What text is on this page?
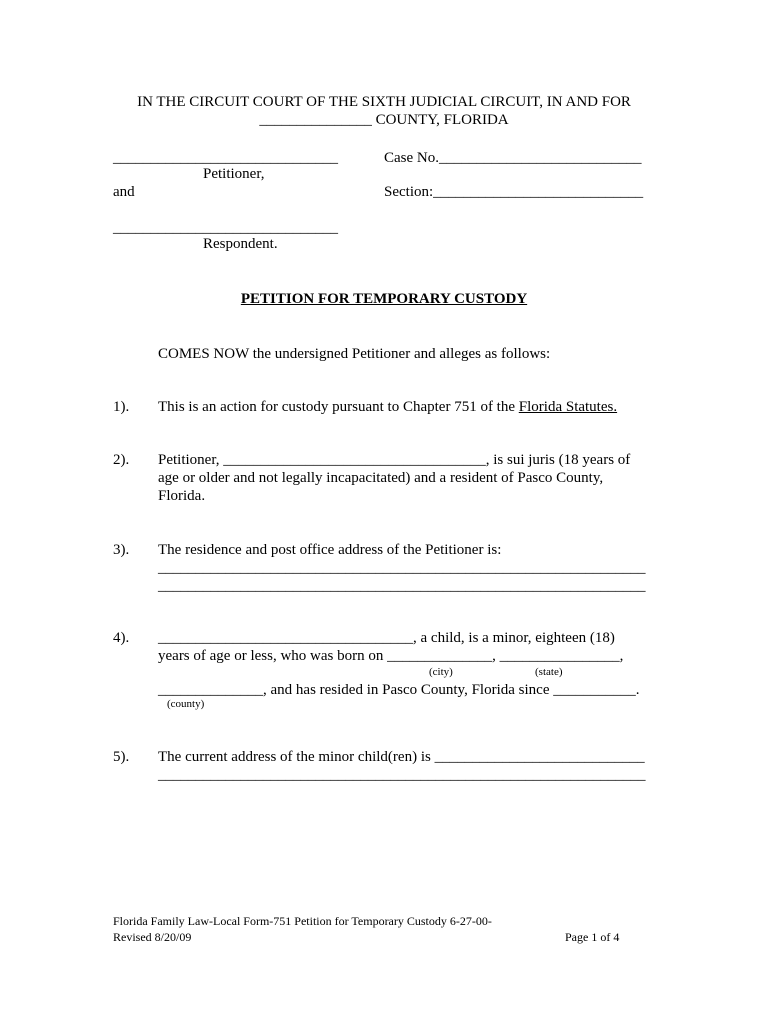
IN THE CIRCUIT COURT OF THE SIXTH JUDICIAL CIRCUIT, IN AND FOR
_______________ COUNTY, FLORIDA
______________________________
Petitioner,
and
______________________________
Respondent.
Case No.___________________________
Section:____________________________
PETITION FOR TEMPORARY CUSTODY
COMES NOW the undersigned Petitioner and alleges as follows:
1). This is an action for custody pursuant to Chapter 751 of the Florida Statutes.
2). Petitioner, ___________________________________, is sui juris (18 years of
age or older and not legally incapacitated) and a resident of Pasco County,
Florida.
3). The residence and post office address of the Petitioner is:
_________________________________________________________________
_________________________________________________________________
4). __________________________________, a child, is a minor, eighteen (18)
years of age or less, who was born on ______________, ________________,
(city)	(state)
______________, and has resided in Pasco County, Florida since ___________.
(county)
5). The current address of the minor child(ren) is ____________________________
_________________________________________________________________
Florida Family Law-Local Form-751 Petition for Temporary Custody 6-27-00-
Revised 8/20/09	Page 1 of 4
